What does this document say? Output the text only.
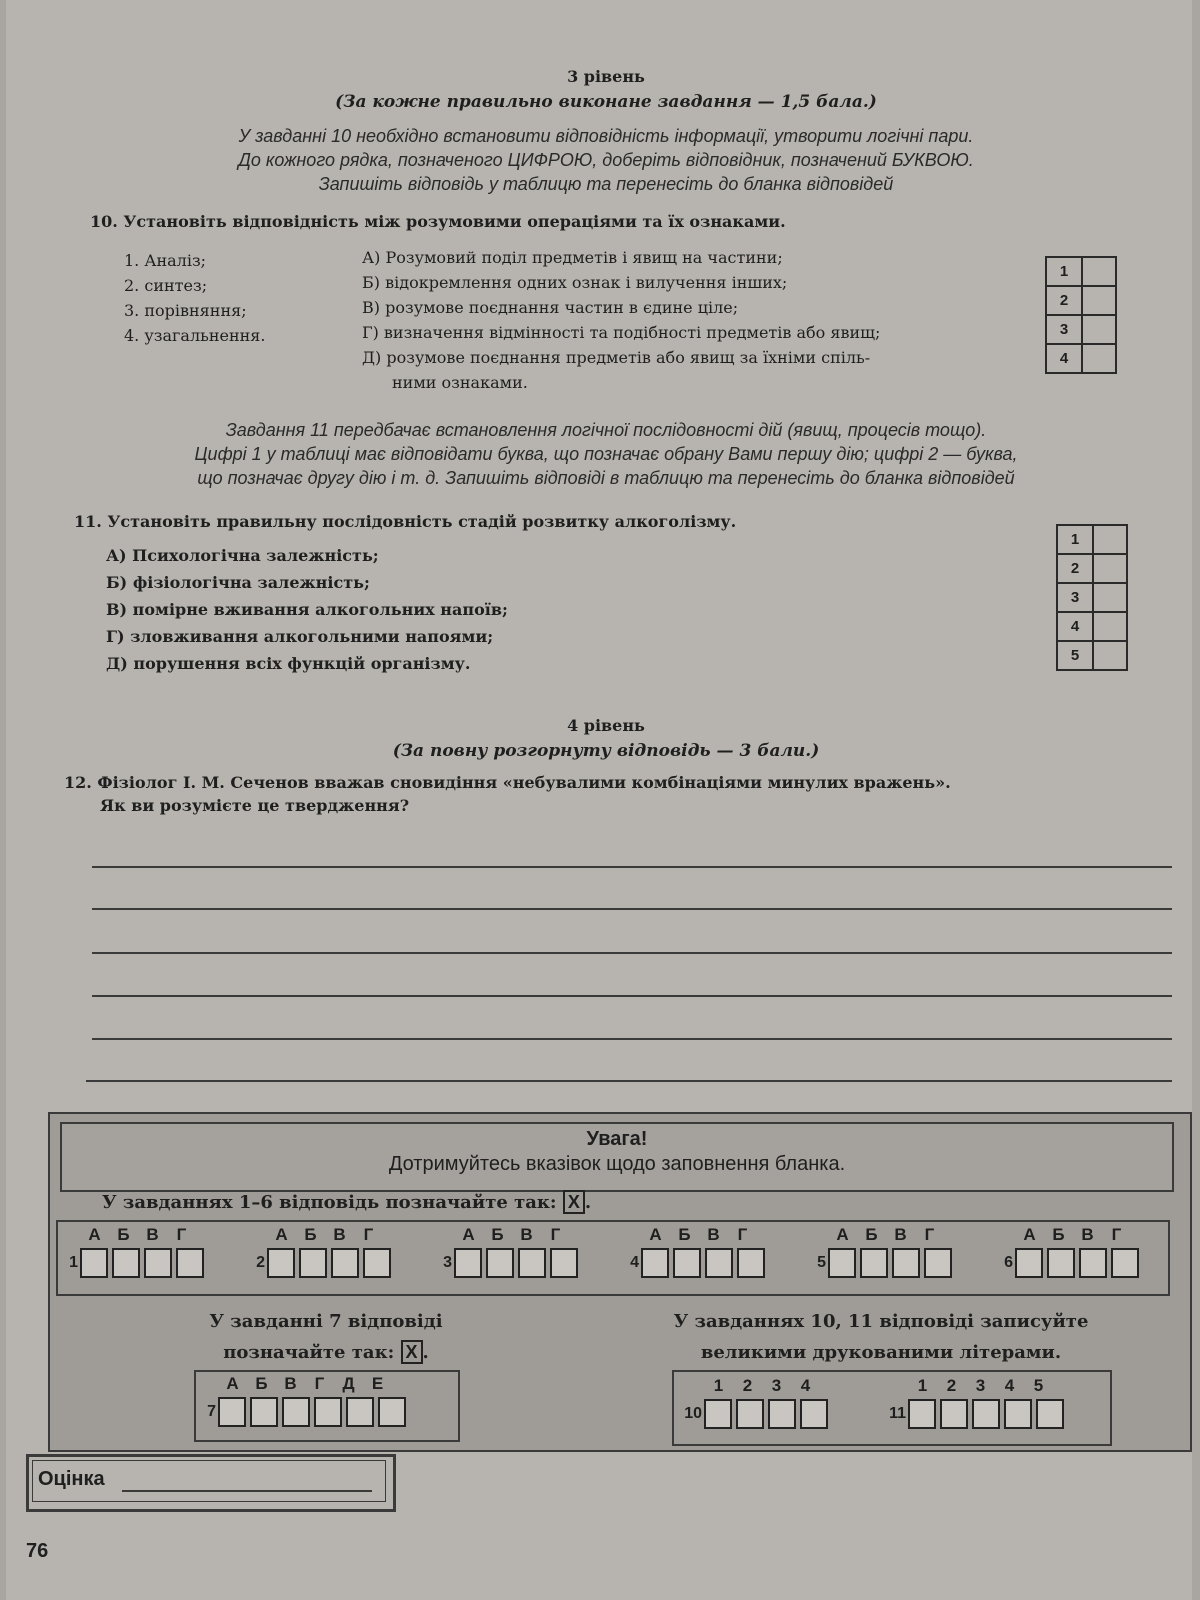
3 рівень
(За кожне правильно виконане завдання — 1,5 бала.)
У завданні 10 необхідно встановити відповідність інформації, утворити логічні пари.
До кожного рядка, позначеного ЦИФРОЮ, доберіть відповідник, позначений БУКВОЮ.
Запишіть відповідь у таблицю та перенесіть до бланка відповідей
10. Установіть відповідність між розумовими операціями та їх ознаками.
1. Аналіз;
2. синтез;
3. порівняння;
4. узагальнення.
А) Розумовий поділ предметів і явищ на частини;
Б) відокремлення одних ознак і вилучення інших;
В) розумове поєднання частин в єдине ціле;
Г) визначення відмінності та подібності предметів або явищ;
Д) розумове поєднання предметів або явищ за їхніми спіль-
ними ознаками.
1	
2	
3	
4	
Завдання 11 передбачає встановлення логічної послідовності дій (явищ, процесів тощо).
Цифрі 1 у таблиці має відповідати буква, що позначає обрану Вами першу дію; цифрі 2 — буква,
що позначає другу дію і т. д. Запишіть відповіді в таблицю та перенесіть до бланка відповідей
11. Установіть правильну послідовність стадій розвитку алкоголізму.
А) Психологічна залежність;
Б) фізіологічна залежність;
В) помірне вживання алкогольних напоїв;
Г) зловживання алкогольними напоями;
Д) порушення всіх функцій організму.
1	
2	
3	
4	
5	
4 рівень
(За повну розгорнуту відповідь — 3 бали.)
12. Фізіолог І. М. Сеченов вважав сновидіння «небувалими комбінаціями минулих вражень».
Як ви розумієте це твердження?
Увага!
Дотримуйтесь вказівок щодо заповнення бланка.
У завданнях 1–6 відповідь позначайте так: X .
А Б В Г
1
А Б В Г
2
А Б В Г
3
А Б В Г
4
А Б В Г
5
А Б В Г
6
У завданні 7 відповіді
позначайте так: X .
А Б В Г Д Е
7
У завданнях 10, 11 відповіді записуйте
великими друкованими літерами.
1 2 3 4
10
1 2 3 4 5
11
Оцінка
76
